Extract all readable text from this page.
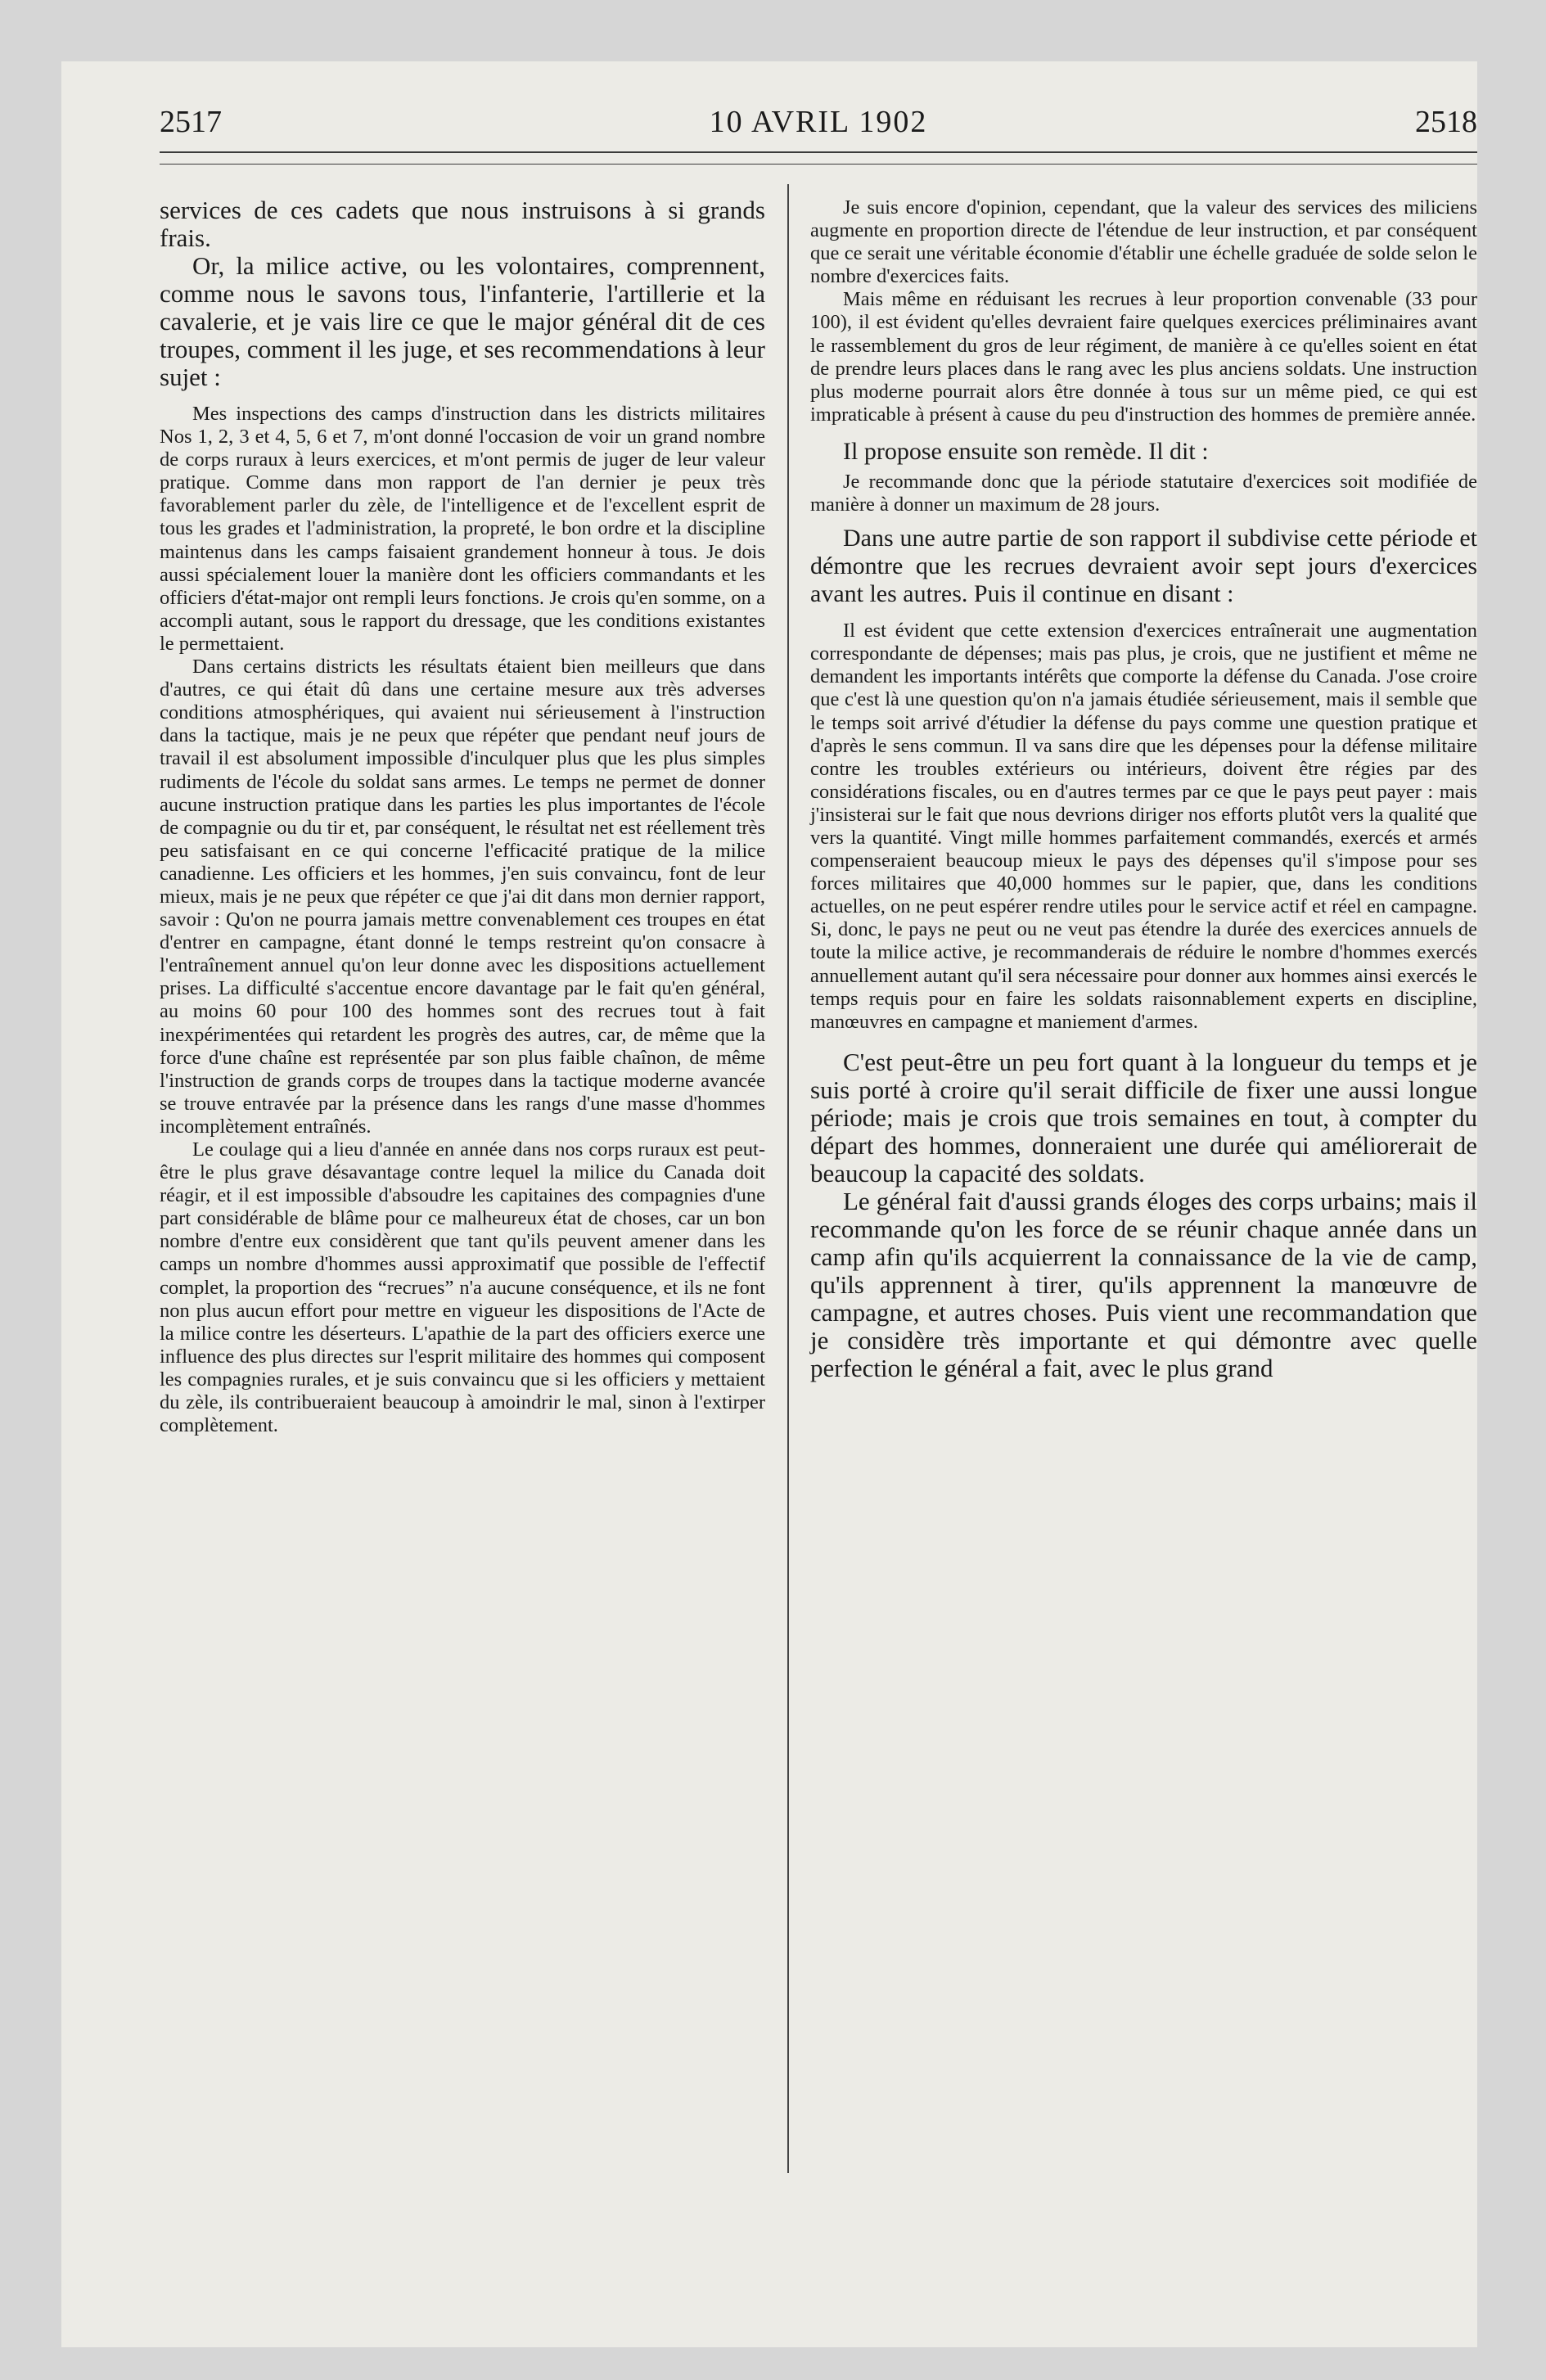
2517	10 AVRIL 1902	2518

services de ces cadets que nous instruisons à si grands frais.

Or, la milice active, ou les volontaires, comprennent, comme nous le savons tous, l'infanterie, l'artillerie et la cavalerie, et je vais lire ce que le major général dit de ces troupes, comment il les juge, et ses recommendations à leur sujet :

Mes inspections des camps d'instruction dans les districts militaires Nos 1, 2, 3 et 4, 5, 6 et 7, m'ont donné l'occasion de voir un grand nombre de corps ruraux à leurs exercices, et m'ont permis de juger de leur valeur pratique. Comme dans mon rapport de l'an dernier je peux très favorablement parler du zèle, de l'intelligence et de l'excellent esprit de tous les grades et l'administration, la propreté, le bon ordre et la discipline maintenus dans les camps faisaient grandement honneur à tous. Je dois aussi spécialement louer la manière dont les officiers commandants et les officiers d'état-major ont rempli leurs fonctions. Je crois qu'en somme, on a accompli autant, sous le rapport du dressage, que les conditions existantes le permettaient.

Dans certains districts les résultats étaient bien meilleurs que dans d'autres, ce qui était dû dans une certaine mesure aux très adverses conditions atmosphériques, qui avaient nui sérieusement à l'instruction dans la tactique, mais je ne peux que répéter que pendant neuf jours de travail il est absolument impossible d'inculquer plus que les plus simples rudiments de l'école du soldat sans armes. Le temps ne permet de donner aucune instruction pratique dans les parties les plus importantes de l'école de compagnie ou du tir et, par conséquent, le résultat net est réellement très peu satisfaisant en ce qui concerne l'efficacité pratique de la milice canadienne. Les officiers et les hommes, j'en suis convaincu, font de leur mieux, mais je ne peux que répéter ce que j'ai dit dans mon dernier rapport, savoir : Qu'on ne pourra jamais mettre convenablement ces troupes en état d'entrer en campagne, étant donné le temps restreint qu'on consacre à l'entraînement annuel qu'on leur donne avec les dispositions actuellement prises. La difficulté s'accentue encore davantage par le fait qu'en général, au moins 60 pour 100 des hommes sont des recrues tout à fait inexpérimentées qui retardent les progrès des autres, car, de même que la force d'une chaîne est représentée par son plus faible chaînon, de même l'instruction de grands corps de troupes dans la tactique moderne avancée se trouve entravée par la présence dans les rangs d'une masse d'hommes incomplètement entraînés.

Le coulage qui a lieu d'année en année dans nos corps ruraux est peut-être le plus grave désavantage contre lequel la milice du Canada doit réagir, et il est impossible d'absoudre les capitaines des compagnies d'une part considérable de blâme pour ce malheureux état de choses, car un bon nombre d'entre eux considèrent que tant qu'ils peuvent amener dans les camps un nombre d'hommes aussi approximatif que possible de l'effectif complet, la proportion des “recrues” n'a aucune conséquence, et ils ne font non plus aucun effort pour mettre en vigueur les dispositions de l'Acte de la milice contre les déserteurs. L'apathie de la part des officiers exerce une influence des plus directes sur l'esprit militaire des hommes qui composent les compagnies rurales, et je suis convaincu que si les officiers y mettaient du zèle, ils contribueraient beaucoup à amoindrir le mal, sinon à l'extirper complètement.

Je suis encore d'opinion, cependant, que la valeur des services des miliciens augmente en proportion directe de l'étendue de leur instruction, et par conséquent que ce serait une véritable économie d'établir une échelle graduée de solde selon le nombre d'exercices faits.

Mais même en réduisant les recrues à leur proportion convenable (33 pour 100), il est évident qu'elles devraient faire quelques exercices préliminaires avant le rassemblement du gros de leur régiment, de manière à ce qu'elles soient en état de prendre leurs places dans le rang avec les plus anciens soldats. Une instruction plus moderne pourrait alors être donnée à tous sur un même pied, ce qui est impraticable à présent à cause du peu d'instruction des hommes de première année.

Il propose ensuite son remède. Il dit :

Je recommande donc que la période statutaire d'exercices soit modifiée de manière à donner un maximum de 28 jours.

Dans une autre partie de son rapport il subdivise cette période et démontre que les recrues devraient avoir sept jours d'exercices avant les autres. Puis il continue en disant :

Il est évident que cette extension d'exercices entraînerait une augmentation correspondante de dépenses; mais pas plus, je crois, que ne justifient et même ne demandent les importants intérêts que comporte la défense du Canada. J'ose croire que c'est là une question qu'on n'a jamais étudiée sérieusement, mais il semble que le temps soit arrivé d'étudier la défense du pays comme une question pratique et d'après le sens commun. Il va sans dire que les dépenses pour la défense militaire contre les troubles extérieurs ou intérieurs, doivent être régies par des considérations fiscales, ou en d'autres termes par ce que le pays peut payer : mais j'insisterai sur le fait que nous devrions diriger nos efforts plutôt vers la qualité que vers la quantité. Vingt mille hommes parfaitement commandés, exercés et armés compenseraient beaucoup mieux le pays des dépenses qu'il s'impose pour ses forces militaires que 40,000 hommes sur le papier, que, dans les conditions actuelles, on ne peut espérer rendre utiles pour le service actif et réel en campagne. Si, donc, le pays ne peut ou ne veut pas étendre la durée des exercices annuels de toute la milice active, je recommanderais de réduire le nombre d'hommes exercés annuellement autant qu'il sera nécessaire pour donner aux hommes ainsi exercés le temps requis pour en faire les soldats raisonnablement experts en discipline, manœuvres en campagne et maniement d'armes.

C'est peut-être un peu fort quant à la longueur du temps et je suis porté à croire qu'il serait difficile de fixer une aussi longue période; mais je crois que trois semaines en tout, à compter du départ des hommes, donneraient une durée qui améliorerait de beaucoup la capacité des soldats.

Le général fait d'aussi grands éloges des corps urbains; mais il recommande qu'on les force de se réunir chaque année dans un camp afin qu'ils acquierrent la connaissance de la vie de camp, qu'ils apprennent à tirer, qu'ils apprennent la manœuvre de campagne, et autres choses. Puis vient une recommandation que je considère très importante et qui démontre avec quelle perfection le général a fait, avec le plus grand
